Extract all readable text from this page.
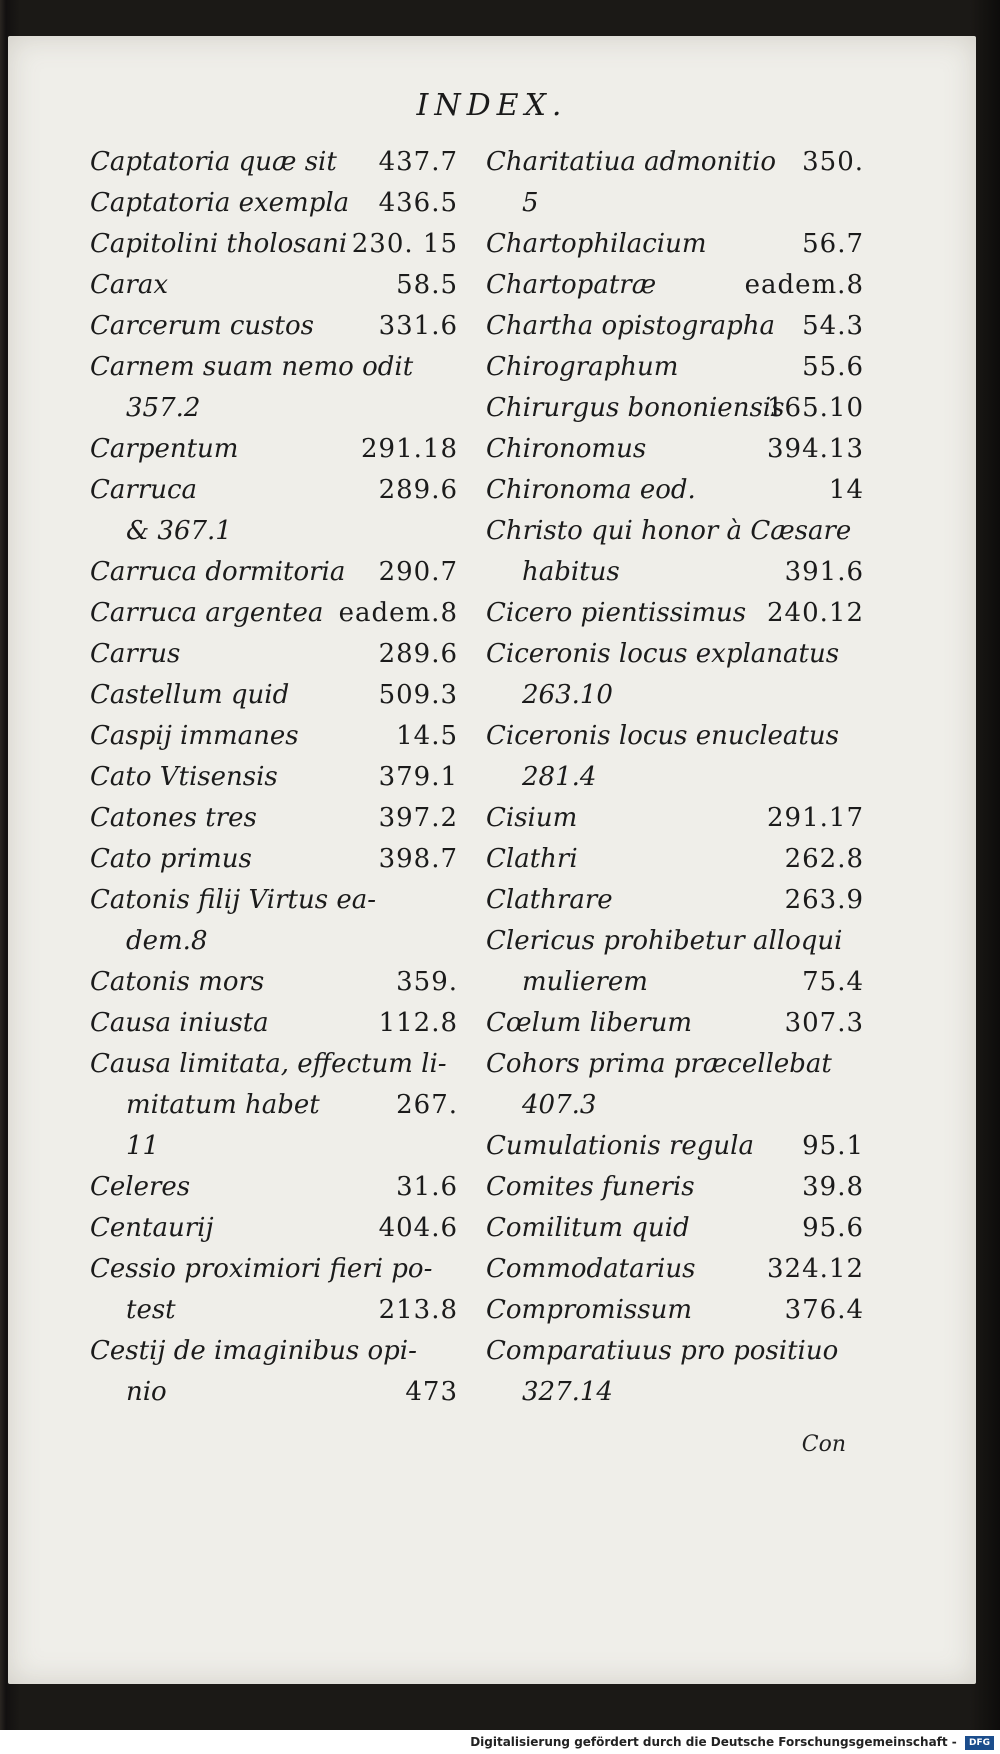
INDEX.
Captatoria quæ sit 437.7
Captatoria exempla 436.5
Capitolini tholosani 230. 15
Carax	58.5
Carcerum custos 331.6
Carnem suam nemo odit
357.2
Carpentum	291.18
Carruca	289.6
& 367.1
Carruca dormitoria 290.7
Carruca argentea eadem.8
Carrus	289.6
Castellum quid	509.3
Caspij immanes	14.5
Cato Vtisensis	379.1
Catones tres	397.2
Cato primus	398.7
Catonis filij Virtus ea-
dem.8
Catonis mors	359.
Causa iniusta	112.8
Causa limitata, effectum li-
mitatum habet	267.
11
Celeres	31.6
Centaurij	404.6
Cessio proximiori fieri po-
test	213.8
Cestij de imaginibus opi-
nio	473
Charitatiua admonitio 350.
5
Chartophilacium	56.7
Chartopatræ	eadem.8
Chartha opistographa 54.3
Chirographum	55.6
Chirurgus bononiensis
165.10
Chironomus	394.13
Chironoma eod.	14
Christo qui honor à Cæsare
habitus	391.6
Cicero pientissimus 240.12
Ciceronis locus explanatus
263.10
Ciceronis locus enucleatus
281.4
Cisium	291.17
Clathri	262.8
Clathrare	263.9
Clericus prohibetur alloqui
mulierem	75.4
Cœlum liberum	307.3
Cohors prima præcellebat
407.3
Cumulationis regula 95.1
Comites funeris	39.8
Comilitum quid	95.6
Commodatarius	324.12
Compromissum	376.4
Comparatiuus pro positiuo
327.14
Con
Digitalisierung gefördert durch die Deutsche Forschungsgemeinschaft - DFG
